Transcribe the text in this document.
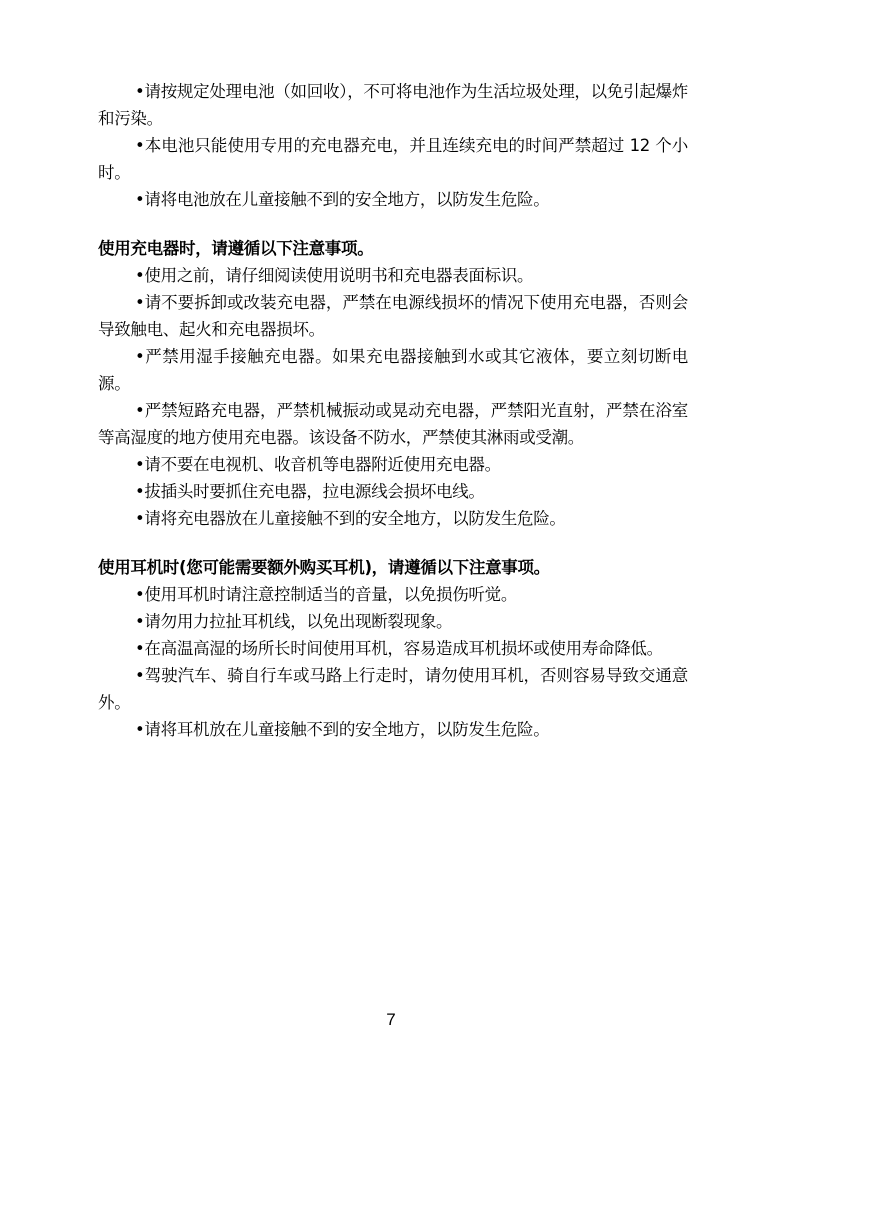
•请按规定处理电池（如回收），不可将电池作为生活垃圾处理，以免引起爆炸和污染。

•本电池只能使用专用的充电器充电，并且连续充电的时间严禁超过 12 个小时。

•请将电池放在儿童接触不到的安全地方，以防发生危险。

使用充电器时，请遵循以下注意事项。

•使用之前，请仔细阅读使用说明书和充电器表面标识。

•请不要拆卸或改装充电器，严禁在电源线损坏的情况下使用充电器，否则会导致触电、起火和充电器损坏。

•严禁用湿手接触充电器。如果充电器接触到水或其它液体，要立刻切断电源。

•严禁短路充电器，严禁机械振动或晃动充电器，严禁阳光直射，严禁在浴室等高湿度的地方使用充电器。该设备不防水，严禁使其淋雨或受潮。

•请不要在电视机、收音机等电器附近使用充电器。

•拔插头时要抓住充电器，拉电源线会损坏电线。

•请将充电器放在儿童接触不到的安全地方，以防发生危险。

使用耳机时(您可能需要额外购买耳机)，请遵循以下注意事项。

•使用耳机时请注意控制适当的音量，以免损伤听觉。

•请勿用力拉扯耳机线，以免出现断裂现象。

•在高温高湿的场所长时间使用耳机，容易造成耳机损坏或使用寿命降低。

•驾驶汽车、骑自行车或马路上行走时，请勿使用耳机，否则容易导致交通意外。

•请将耳机放在儿童接触不到的安全地方，以防发生危险。

7
